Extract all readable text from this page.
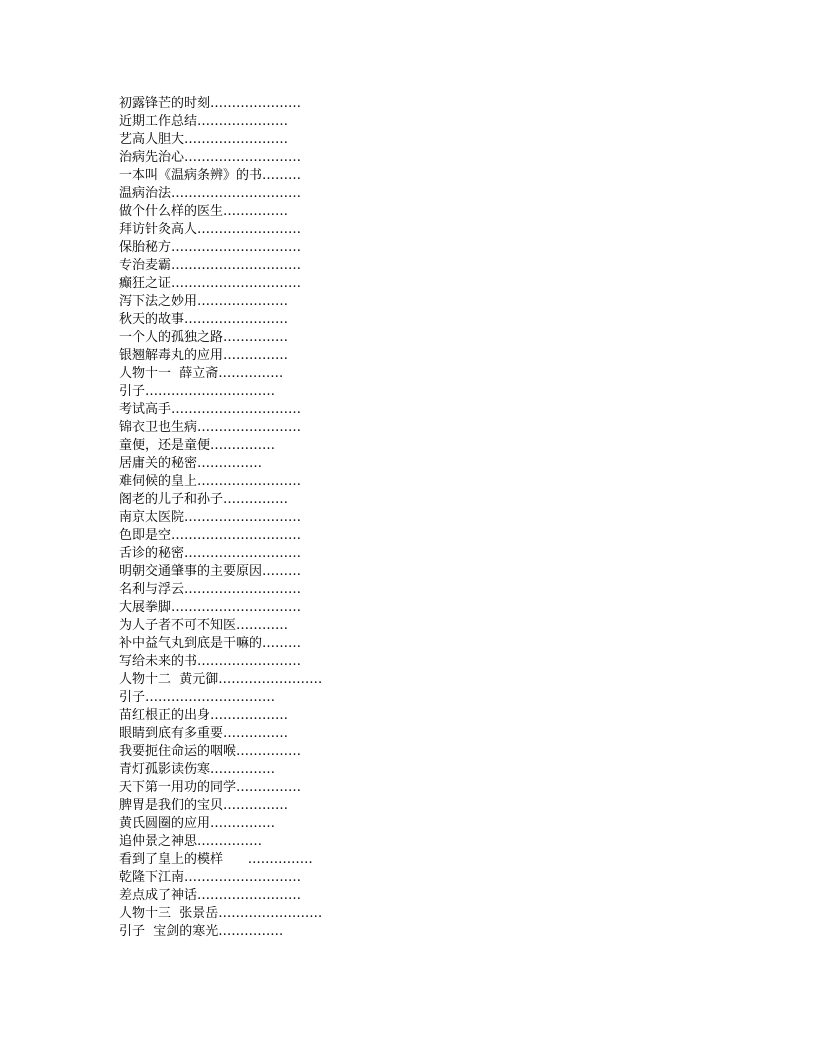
初露锋芒的时刻…………………
近期工作总结…………………
艺高人胆大……………………
治病先治心………………………
一本叫《温病条辨》的书………
温病治法…………………………
做个什么样的医生……………
拜访针灸高人……………………
保胎秘方…………………………
专治麦霸…………………………
癫狂之证…………………………
泻下法之妙用…………………
秋天的故事……………………
一个人的孤独之路……………
银翘解毒丸的应用……………
人物十一  薛立斋……………
引子…………………………
考试高手…………………………
锦衣卫也生病……………………
童便，还是童便……………
居庸关的秘密……………
难伺候的皇上……………………
阁老的儿子和孙子……………
南京太医院………………………
色即是空…………………………
舌诊的秘密………………………
明朝交通肇事的主要原因………
名利与浮云………………………
大展拳脚…………………………
为人子者不可不知医…………
补中益气丸到底是干嘛的………
写给未来的书……………………
人物十二  黄元御……………………
引子…………………………
苗红根正的出身………………
眼睛到底有多重要……………
我要扼住命运的咽喉……………
青灯孤影读伤寒……………
天下第一用功的同学……………
脾胃是我们的宝贝……………
黄氏圆圈的应用……………
追仲景之神思……………
看到了皇上的模样      ……………
乾隆下江南………………………
差点成了神话……………………
人物十三  张景岳……………………
引子  宝剑的寒光……………
